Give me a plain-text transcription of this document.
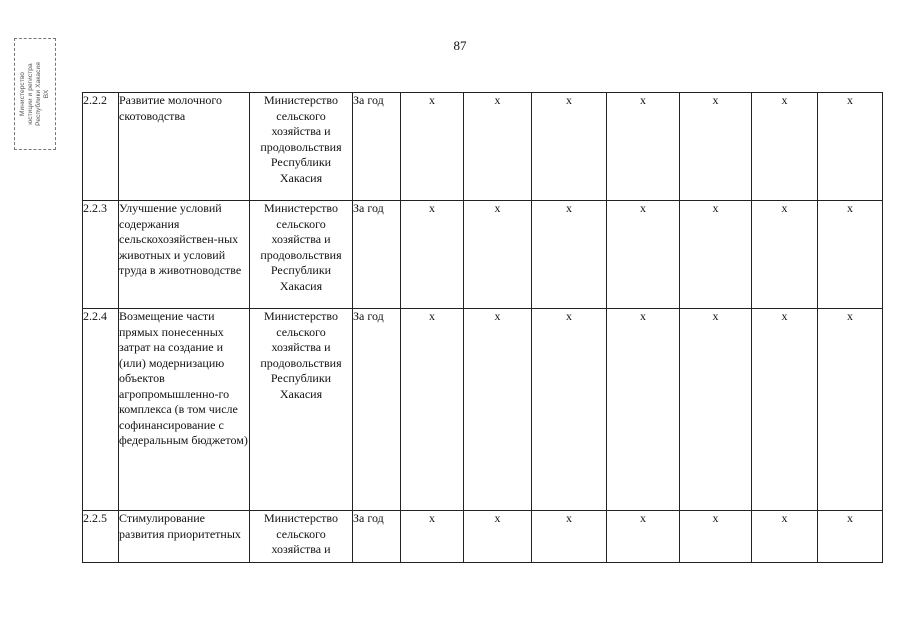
87
Министерство юстиции и регистра Республики Хакасия ВХ	2.2.2	Развитие молочного скотоводства	Министерство сельского хозяйства и продовольствия Республики Хакасия	За год	х	х	х	х	х	х	х
2.2.3	Улучшение условий содержания сельскохозяйствен-ных животных и условий труда в животноводстве	Министерство сельского хозяйства и продовольствия Республики Хакасия	За год	х	х	х	х	х	х	х
2.2.4	Возмещение части прямых понесенных затрат на создание и (или) модернизацию объектов агропромышленно-го комплекса (в том числе софинансирование с федеральным бюджетом)	Министерство сельского хозяйства и продовольствия Республики Хакасия	За год	х	х	х	х	х	х	х
2.2.5	Стимулирование развития приоритетных	Министерство сельского хозяйства и	За год	х	х	х	х	х	х	х
